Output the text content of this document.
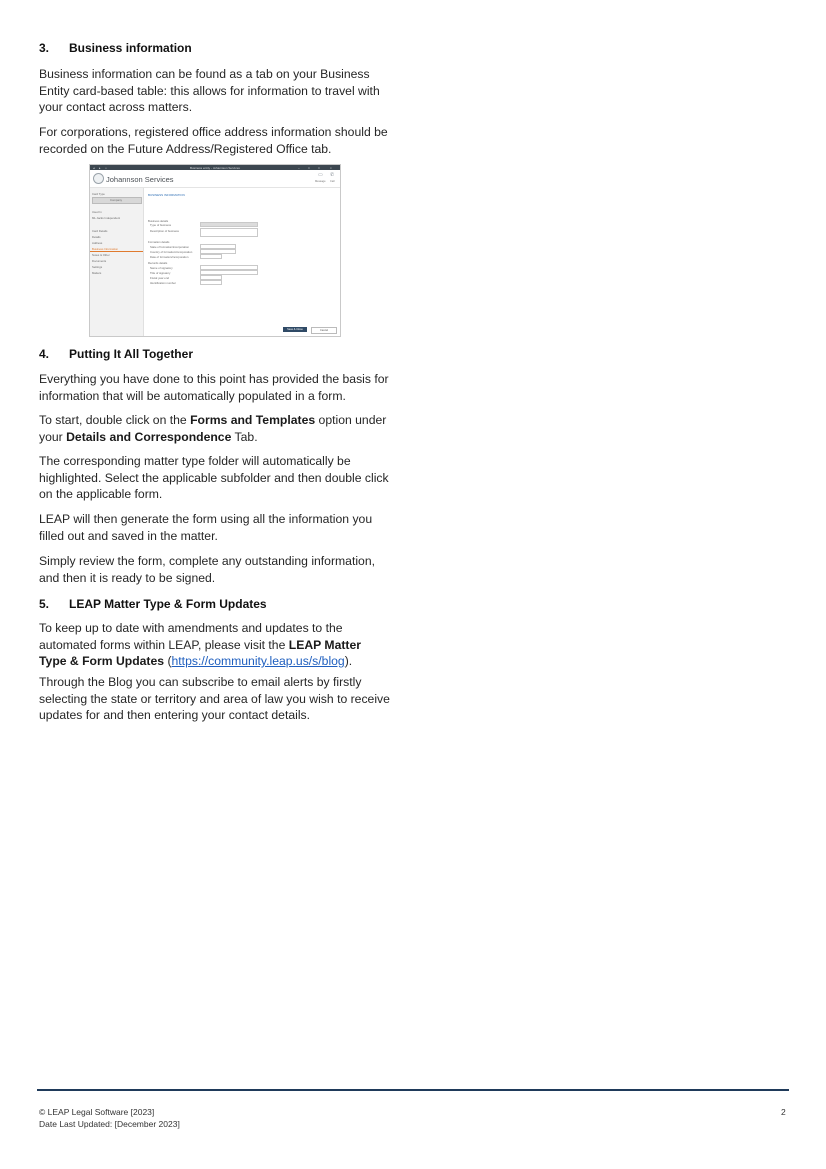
3. Business information

Business information can be found as a tab on your Business Entity card-based table: this allows for information to travel with your contact across matters.

For corporations, registered office address information should be recorded on the Future Address/Registered Office tab.

◂ ▸ ⌂	Business entity - Johannson Services	–	□	□	×
Johannson Services	▭ ✆
Message Call
Card Type
Company
Used In
ML Jacks Independent
Card Details
Details
Address
Business Information
Notes & Other
Documents
Settings
Matters
BUSINESS INFORMATION
Business details
Type of business
Description of business
Formation details
State of formation/incorporation
Country of formation/incorporation
Date of formation/incorporation
Records details
Name of signatory
Title of signatory
Fiscal year end
Identification number
Save & Close	Cancel
4. Putting It All Together

Everything you have done to this point has provided the basis for information that will be automatically populated in a form.

To start, double click on the Forms and Templates option under your Details and Correspondence Tab.

The corresponding matter type folder will automatically be highlighted. Select the applicable subfolder and then double click on the applicable form.

LEAP will then generate the form using all the information you filled out and saved in the matter.

Simply review the form, complete any outstanding information, and then it is ready to be signed.

5. LEAP Matter Type & Form Updates

To keep up to date with amendments and updates to the automated forms within LEAP, please visit the LEAP Matter Type & Form Updates (https://community.leap.us/s/blog).

Through the Blog you can subscribe to email alerts by firstly selecting the state or territory and area of law you wish to receive updates for and then entering your contact details.

© LEAP Legal Software [2023]
Date Last Updated: [December 2023]
2
